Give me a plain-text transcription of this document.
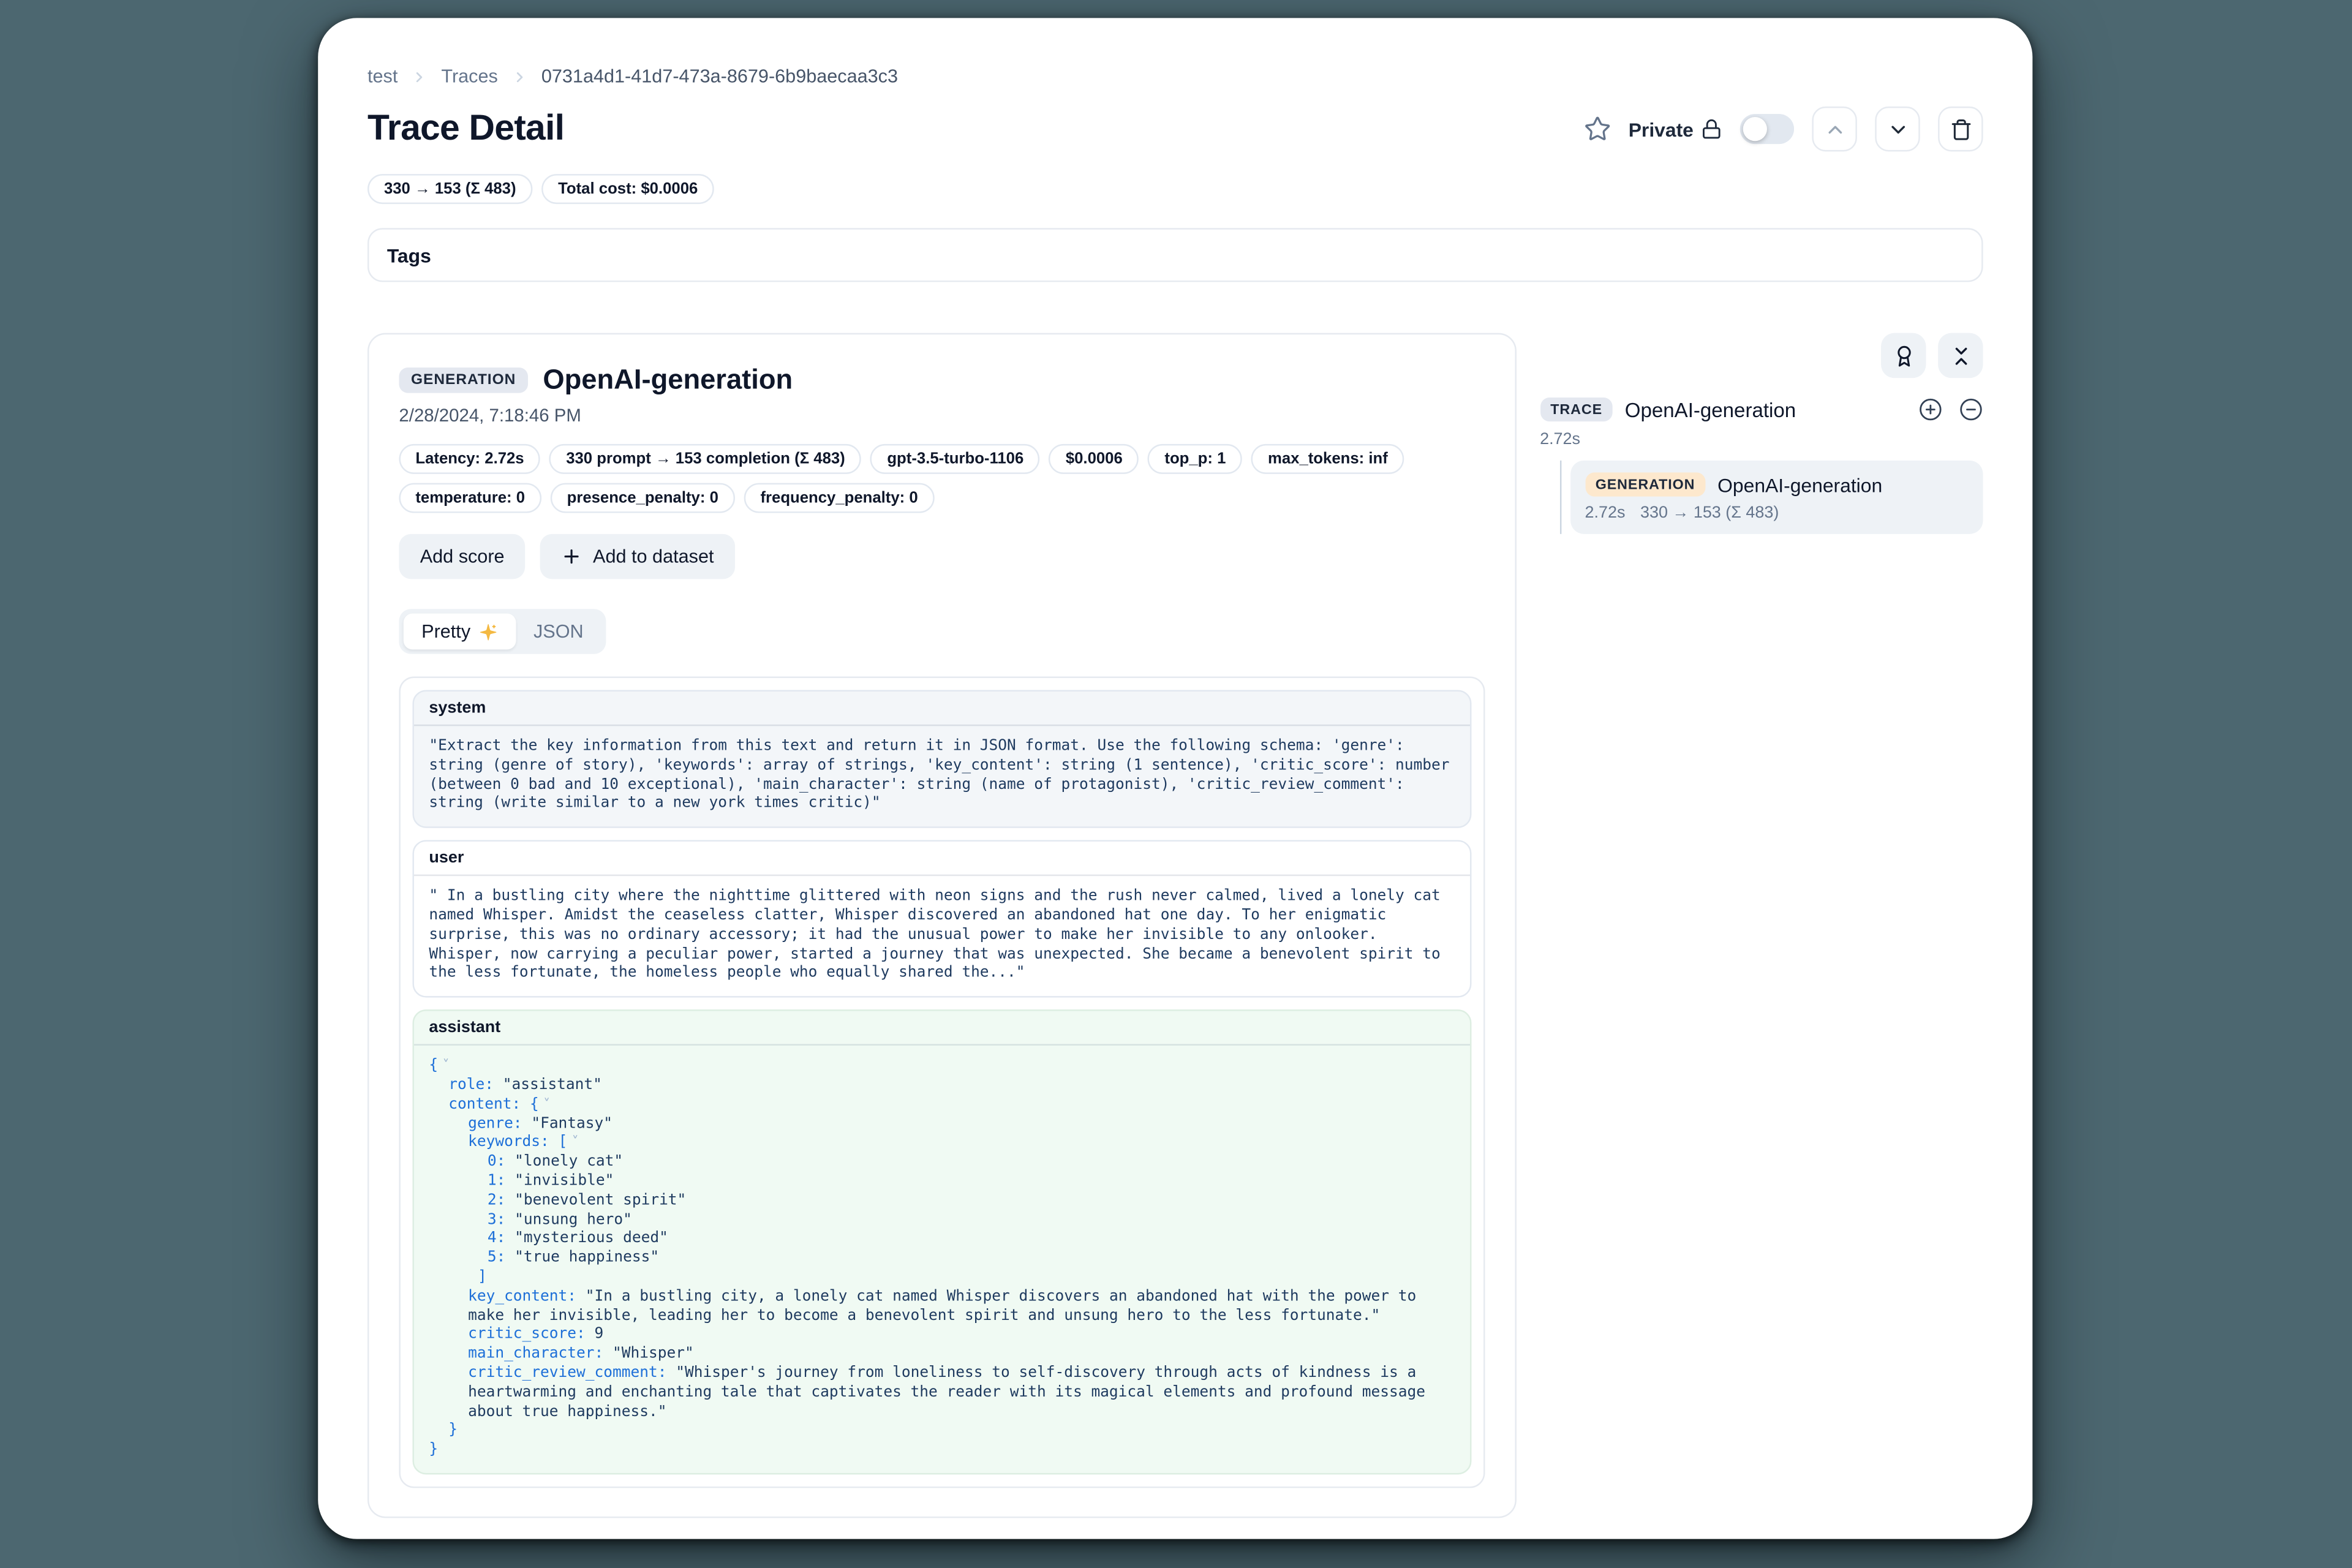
test	Traces	0731a4d1-41d7-473a-8679-6b9baecaa3c3
Trace Detail	Private
330 → 153 (Σ 483)	Total cost: $0.0006
Tags
GENERATION	OpenAI-generation
2/28/2024, 7:18:46 PM
Latency: 2.72s	330 prompt → 153 completion (Σ 483)	gpt-3.5-turbo-1106	$0.0006	top_p: 1	max_tokens: inf
temperature: 0	presence_penalty: 0	frequency_penalty: 0
Add score	Add to dataset
Pretty	JSON
system
"Extract the key information from this text and return it in JSON format. Use the following schema: 'genre': string (genre of story), 'keywords': array of strings, 'key_content': string (1 sentence), 'critic_score': number (between 0 bad and 10 exceptional), 'main_character': string (name of protagonist), 'critic_review_comment': string (write similar to a new york times critic)"
user
" In a bustling city where the nighttime glittered with neon signs and the rush never calmed, lived a lonely cat named Whisper. Amidst the ceaseless clatter, Whisper discovered an abandoned hat one day. To her enigmatic surprise, this was no ordinary accessory; it had the unusual power to make her invisible to any onlooker. Whisper, now carrying a peculiar power, started a journey that was unexpected. She became a benevolent spirit to the less fortunate, the homeless people who equally shared the..."
assistant
{ ˅
role: "assistant"
content: { ˅
genre: "Fantasy"
keywords: [ ˅
0: "lonely cat"
1: "invisible"
2: "benevolent spirit"
3: "unsung hero"
4: "mysterious deed"
5: "true happiness"
]
key_content: "In a bustling city, a lonely cat named Whisper discovers an abandoned hat with the power to make her invisible, leading her to become a benevolent spirit and unsung hero to the less fortunate."
critic_score: 9
main_character: "Whisper"
critic_review_comment: "Whisper's journey from loneliness to self-discovery through acts of kindness is a heartwarming and enchanting tale that captivates the reader with its magical elements and profound message about true happiness."
}
}
TRACE	OpenAI-generation
2.72s
GENERATION	OpenAI-generation
2.72s 330 → 153 (Σ 483)
